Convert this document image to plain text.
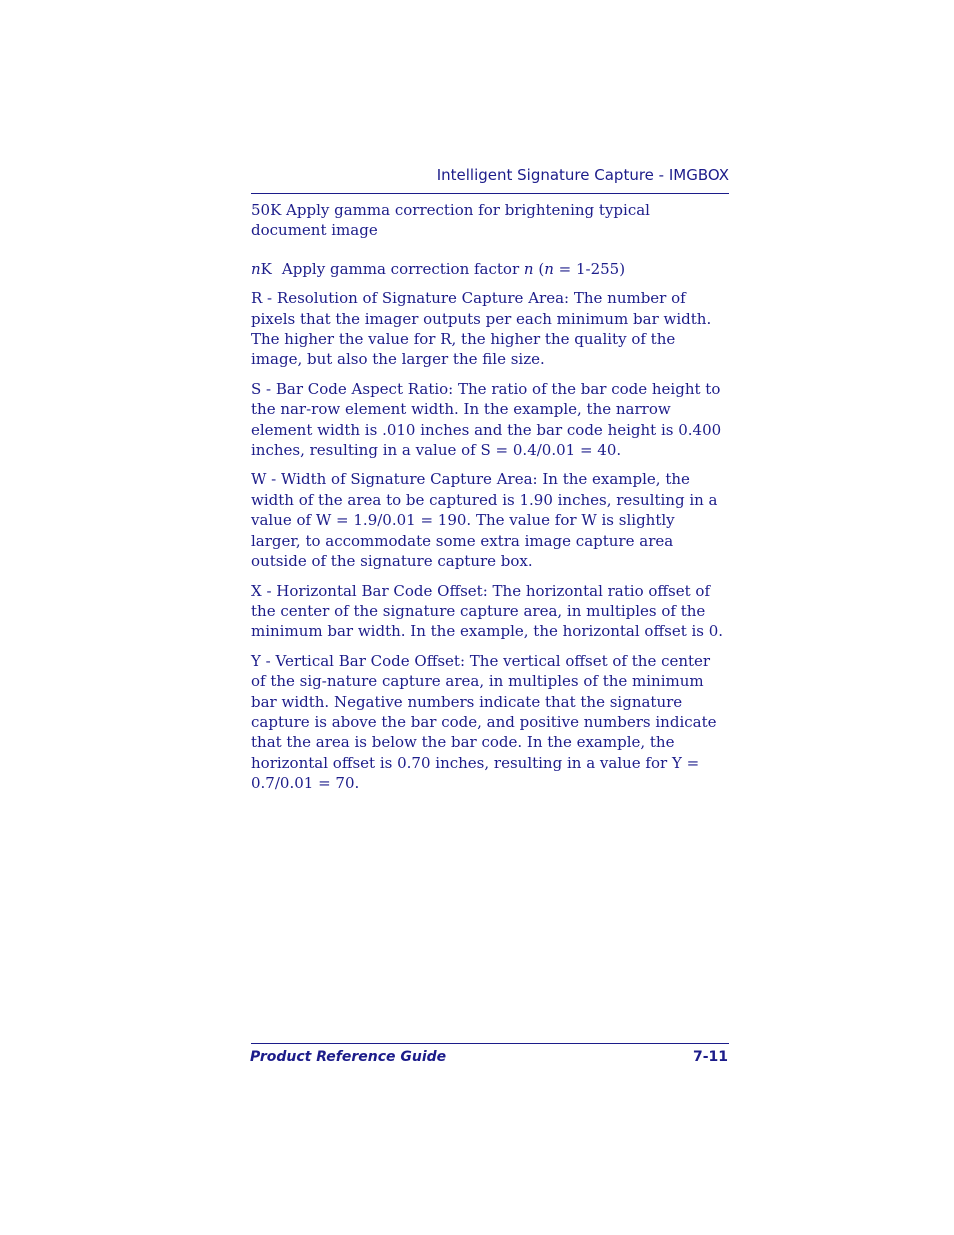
Intelligent Signature Capture - IMGBOX

50K Apply gamma correction for brightening typical document image

nK Apply gamma correction factor n (n = 1-255)

R - Resolution of Signature Capture Area: The number of pixels that the imager outputs per each minimum bar width. The higher the value for R, the higher the quality of the image, but also the larger the file size.

S - Bar Code Aspect Ratio: The ratio of the bar code height to the nar-row element width. In the example, the narrow element width is .010 inches and the bar code height is 0.400 inches, resulting in a value of S = 0.4/0.01 = 40.

W - Width of Signature Capture Area: In the example, the width of the area to be captured is 1.90 inches, resulting in a value of W = 1.9/0.01 = 190. The value for W is slightly larger, to accommodate some extra image capture area outside of the signature capture box.

X - Horizontal Bar Code Offset: The horizontal ratio offset of the center of the signature capture area, in multiples of the minimum bar width. In the example, the horizontal offset is 0.

Y - Vertical Bar Code Offset: The vertical offset of the center of the sig-nature capture area, in multiples of the minimum bar width. Negative numbers indicate that the signature capture is above the bar code, and positive numbers indicate that the area is below the bar code. In the example, the horizontal offset is 0.70 inches, resulting in a value for Y = 0.7/0.01 = 70.

Product Reference Guide	7-11
